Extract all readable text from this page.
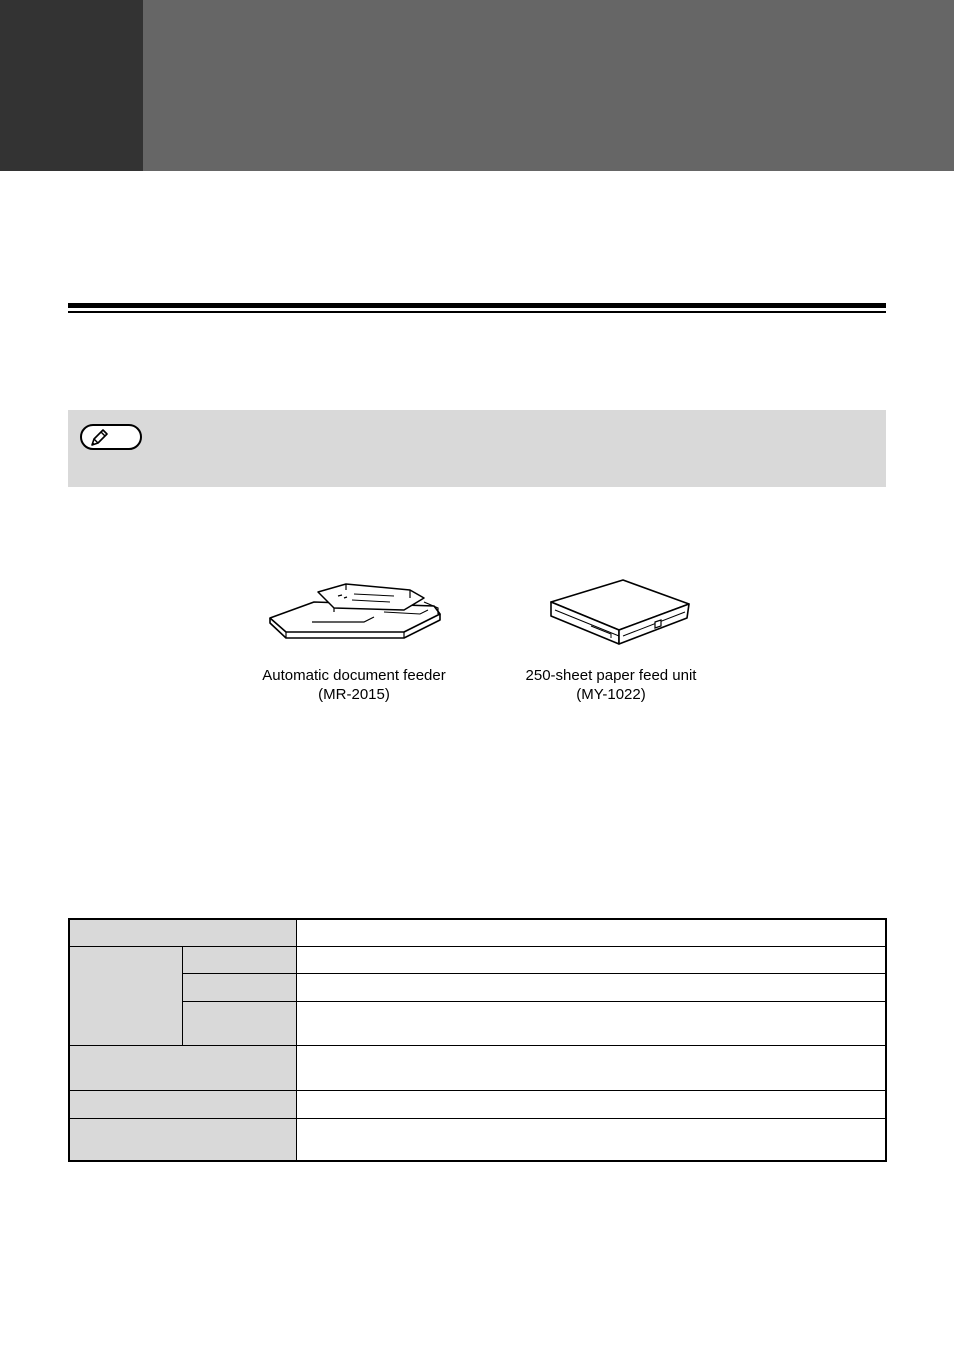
Automatic document feeder
(MR-2015)
250-sheet paper feed unit
(MY-1022)
